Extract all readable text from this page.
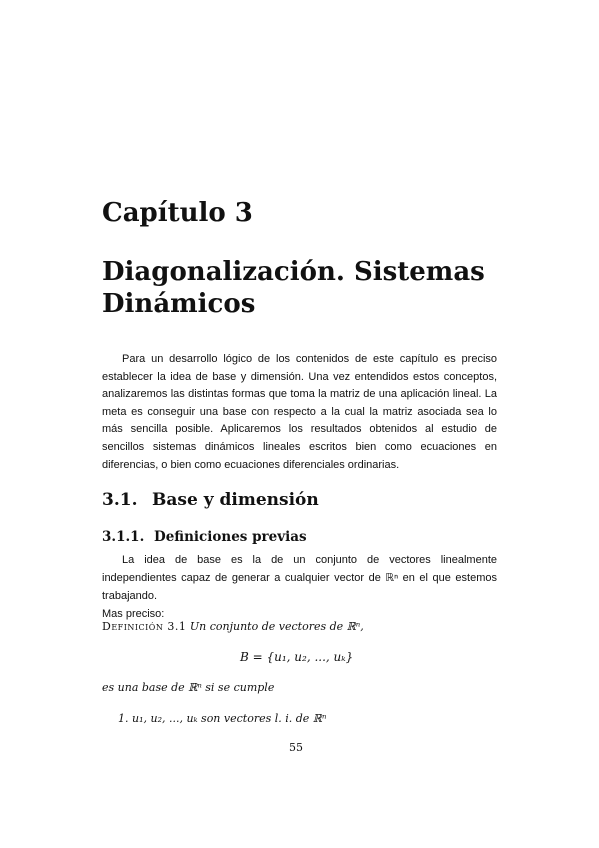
Capítulo 3
Diagonalización. Sistemas Dinámicos

Para un desarrollo lógico de los contenidos de este capítulo es preciso establecer la idea de base y dimensión. Una vez entendidos estos conceptos, analizaremos las distintas formas que toma la matriz de una aplicación lineal. La meta es conseguir una base con respecto a la cual la matriz asociada sea lo más sencilla posible. Aplicaremos los resultados obtenidos al estudio de sencillos sistemas dinámicos lineales escritos bien como ecuaciones en diferencias, o bien como ecuaciones diferenciales ordinarias.

3.1. Base y dimensión
3.1.1. Definiciones previas

La idea de base es la de un conjunto de vectores linealmente independientes capaz de generar a cualquier vector de ℝⁿ en el que estemos trabajando.

Mas preciso:

Definición 3.1 Un conjunto de vectores de ℝⁿ,
B = {u₁, u₂, ..., uₖ}
es una base de ℝⁿ si se cumple
1. u₁, u₂, ..., uₖ son vectores l. i. de ℝⁿ
55
